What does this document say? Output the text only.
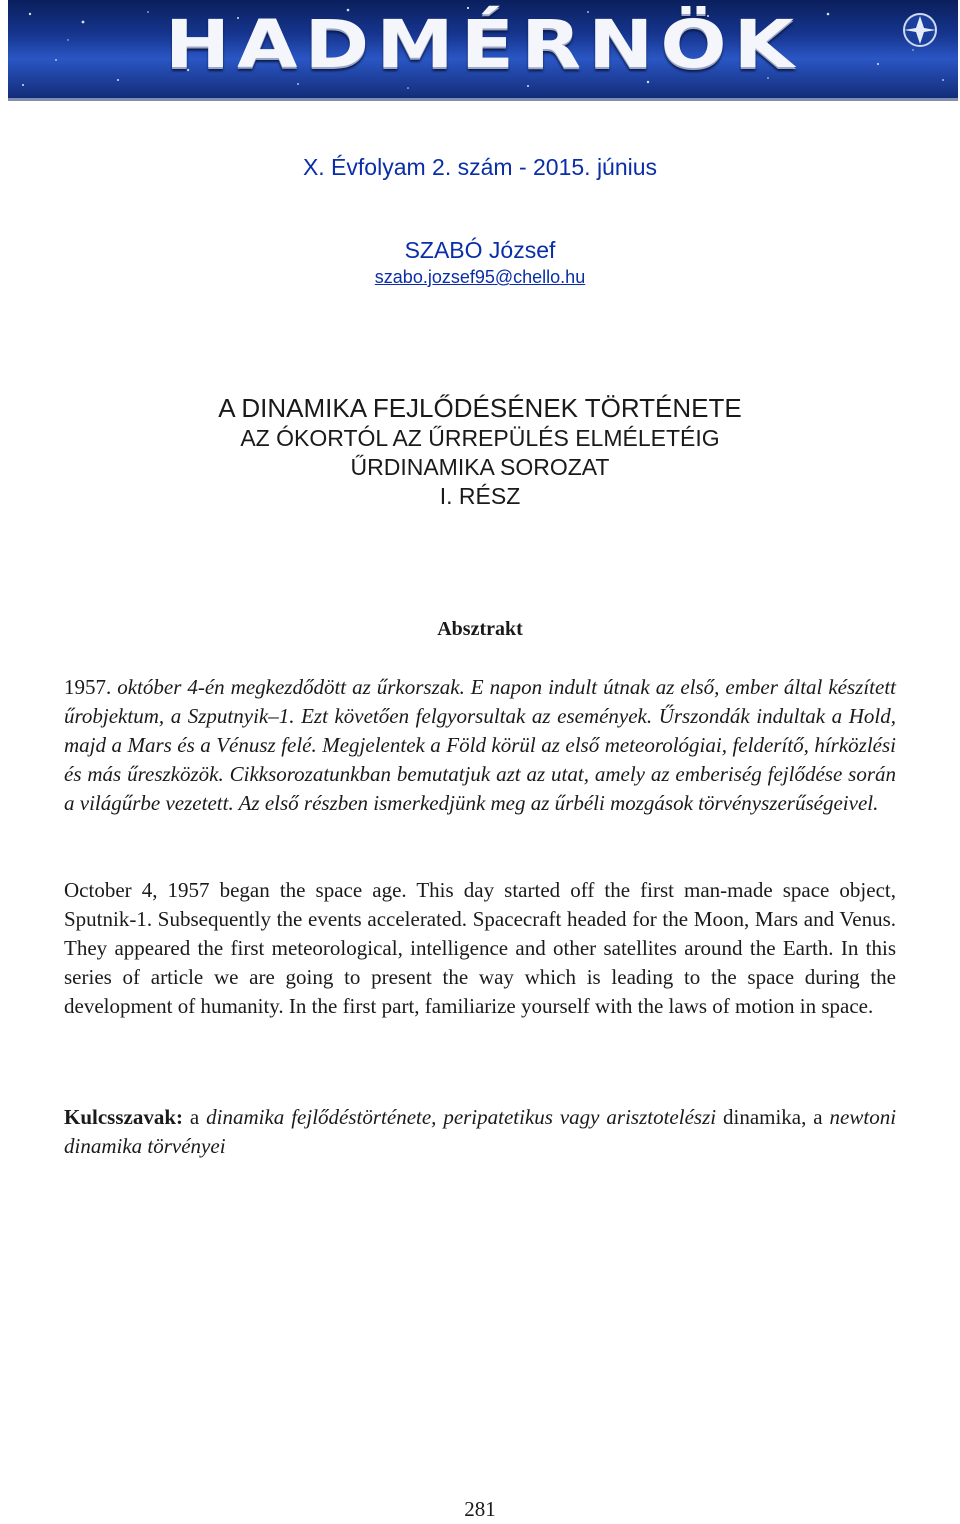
HADMÉRNÖK
X. Évfolyam 2. szám - 2015. június
SZABÓ József
szabo.jozsef95@chello.hu
A DINAMIKA FEJLŐDÉSÉNEK TÖRTÉNETE
AZ ÓKORTÓL AZ ŰRREPÜLÉS ELMÉLETÉIG
ŰRDINAMIKA SOROZAT
I. RÉSZ
Absztrakt

1957. október 4-én megkezdődött az űrkorszak. E napon indult útnak az első, ember által készített űrobjektum, a Szputnyik–1. Ezt követően felgyorsultak az események. Űrszondák indultak a Hold, majd a Mars és a Vénusz felé. Megjelentek a Föld körül az első meteorológiai, felderítő, hírközlési és más űreszközök. Cikksorozatunkban bemutatjuk azt az utat, amely az emberiség fejlődése során a világűrbe vezetett. Az első részben ismerkedjünk meg az űrbéli mozgások törvényszerűségeivel.

October 4, 1957 began the space age. This day started off the first man-made space object, Sputnik-1. Subsequently the events accelerated. Spacecraft headed for the Moon, Mars and Venus. They appeared the first meteorological, intelligence and other satellites around the Earth. In this series of article we are going to present the way which is leading to the space during the development of humanity. In the first part, familiarize yourself with the laws of motion in space.

Kulcsszavak: a dinamika fejlődéstörténete, peripatetikus vagy arisztotelészi dinamika, a newtoni dinamika törvényei

281
